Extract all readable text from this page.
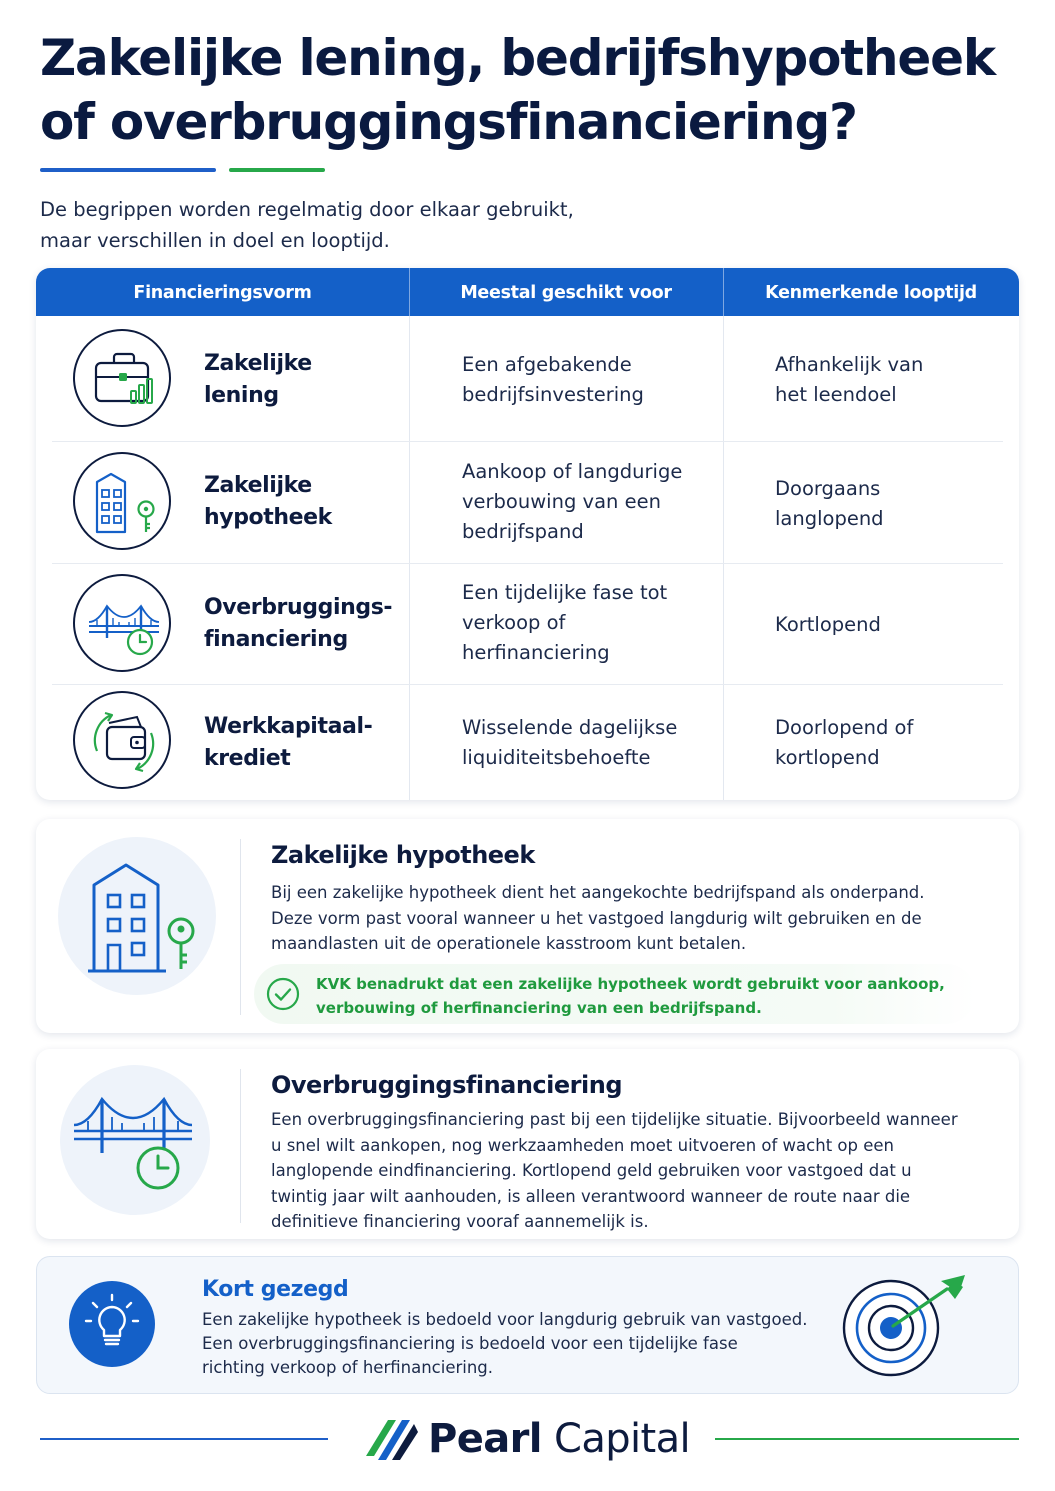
Zakelijke lening, bedrijfshypotheek
of overbruggingsfinanciering?

De begrippen worden regelmatig door elkaar gebruikt,
maar verschillen in doel en looptijd.

Financieringsvorm	Meestal geschikt voor	Kenmerkende looptijd
Zakelijke
lening
Een afgebakende
bedrijfsinvestering
Afhankelijk van
het leendoel
Zakelijke
hypotheek
Aankoop of langdurige
verbouwing van een
bedrijfspand
Doorgaans
langlopend
Overbruggings-
financiering
Een tijdelijke fase tot
verkoop of
herfinanciering
Kortlopend
Werkkapitaal-
krediet
Wisselende dagelijkse
liquiditeitsbehoefte
Doorlopend of
kortlopend
Zakelijke hypotheek

Bij een zakelijke hypotheek dient het aangekochte bedrijfspand als onderpand.
Deze vorm past vooral wanneer u het vastgoed langdurig wilt gebruiken en de
maandlasten uit de operationele kasstroom kunt betalen.

KVK benadrukt dat een zakelijke hypotheek wordt gebruikt voor aankoop,
verbouwing of herfinanciering van een bedrijfspand.

Overbruggingsfinanciering

Een overbruggingsfinanciering past bij een tijdelijke situatie. Bijvoorbeeld wanneer
u snel wilt aankopen, nog werkzaamheden moet uitvoeren of wacht op een
langlopende eindfinanciering. Kortlopend geld gebruiken voor vastgoed dat u
twintig jaar wilt aanhouden, is alleen verantwoord wanneer de route naar die
definitieve financiering vooraf aannemelijk is.

Kort gezegd

Een zakelijke hypotheek is bedoeld voor langdurig gebruik van vastgoed.
Een overbruggingsfinanciering is bedoeld voor een tijdelijke fase
richting verkoop of herfinanciering.

Pearl Capital
